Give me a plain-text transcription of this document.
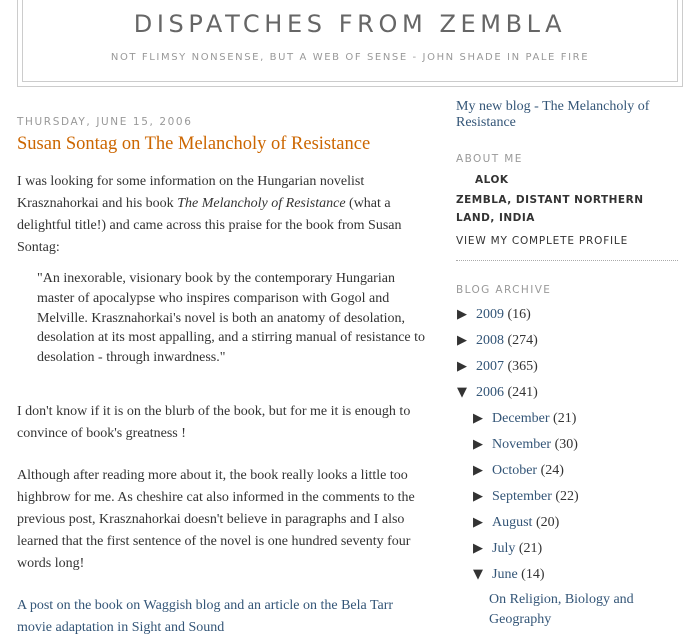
DISPATCHES FROM ZEMBLA
NOT FLIMSY NONSENSE, BUT A WEB OF SENSE - JOHN SHADE IN PALE FIRE
THURSDAY, JUNE 15, 2006
Susan Sontag on The Melancholy of Resistance

I was looking for some information on the Hungarian novelist Krasznahorkai and his book The Melancholy of Resistance (what a delightful title!) and came across this praise for the book from Susan Sontag:

"An inexorable, visionary book by the contemporary Hungarian master of apocalypse who inspires comparison with Gogol and Melville. Krasznahorkai's novel is both an anatomy of desolation, desolation at its most appalling, and a stirring manual of resistance to desolation - through inwardness."

I don't know if it is on the blurb of the book, but for me it is enough to convince of book's greatness !

Although after reading more about it, the book really looks a little too highbrow for me. As cheshire cat also informed in the comments to the previous post, Krasznahorkai doesn't believe in paragraphs and I also learned that the first sentence of the novel is one hundred seventy four words long!

A post on the book on Waggish blog and an article on the Bela Tarr movie adaptation in Sight and Sound

My new blog - The Melancholy of Resistance
ABOUT ME
ALOK
ZEMBLA, DISTANT NORTHERN LAND, INDIA
VIEW MY COMPLETE PROFILE
BLOG ARCHIVE
▶ 2009 (16)
▶ 2008 (274)
▶ 2007 (365)
▼ 2006 (241)
▶ December (21)
▶ November (30)
▶ October (24)
▶ September (22)
▶ August (20)
▶ July (21)
▼ June (14)
On Religion, Biology and Geography
